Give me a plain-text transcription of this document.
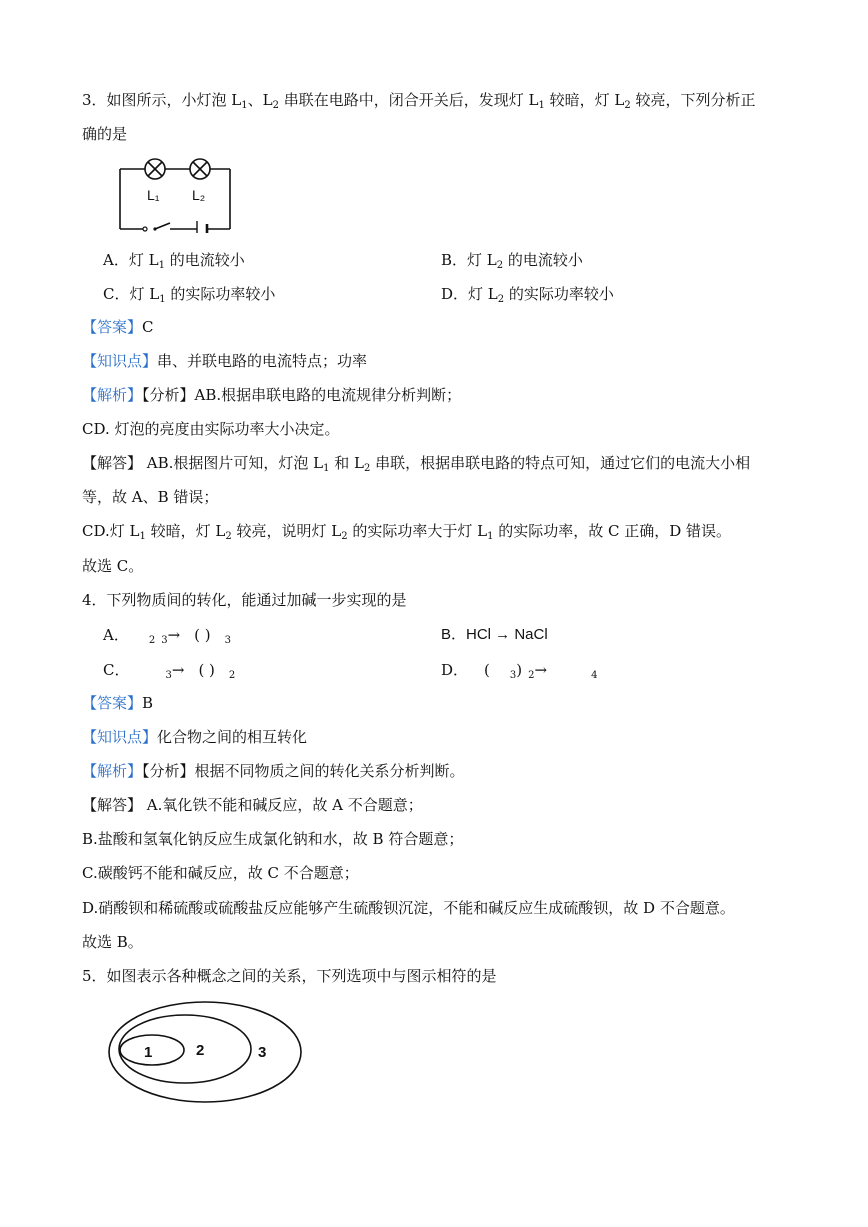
3．如图所示，小灯泡 $L_1$、$L_2$ 串联在电路中，闭合开关后，发现灯 $L_1$ 较暗，灯 $L_2$ 较亮，下列分析正
确的是
L₁ L₂
A．灯 $L_1$ 的电流较小	B．灯 $L_2$ 的电流较小
C．灯 $L_1$ 的实际功率较小	D．灯 $L_2$ 的实际功率较小
【答案】C
【知识点】串、并联电路的电流特点；功率
【解析】【分析】AB.根据串联电路的电流规律分析判断；
CD. 灯泡的亮度由实际功率大小决定。
【解答】 AB.根据图片可知，灯泡 $L_1$ 和 $L_2$ 串联，根据串联电路的特点可知，通过它们的电流大小相
等，故 A、B 错误；
CD.灯 $L_1$ 较暗，灯 $L_2$ 较亮，说明灯 $L_2$ 的实际功率大于灯 $L_1$ 的实际功率，故 C 正确，D 错误。
故选 C。
4．下列物质间的转化，能通过加碱一步实现的是
A． $_2$ $_3$→ ( ) $_3$	B．HCl → NaCl
C．	$_3$→ ( ) $_2$	D． ( $_3$) $_2$→	$_4$
【答案】B
【知识点】化合物之间的相互转化
【解析】【分析】根据不同物质之间的转化关系分析判断。
【解答】 A.氧化铁不能和碱反应，故 A 不合题意；
B.盐酸和氢氧化钠反应生成氯化钠和水，故 B 符合题意；
C.碳酸钙不能和碱反应，故 C 不合题意；
D.硝酸钡和稀硫酸或硫酸盐反应能够产生硫酸钡沉淀，不能和碱反应生成硫酸钡，故 D 不合题意。
故选 B。
5．如图表示各种概念之间的关系，下列选项中与图示相符的是
1	2	3
